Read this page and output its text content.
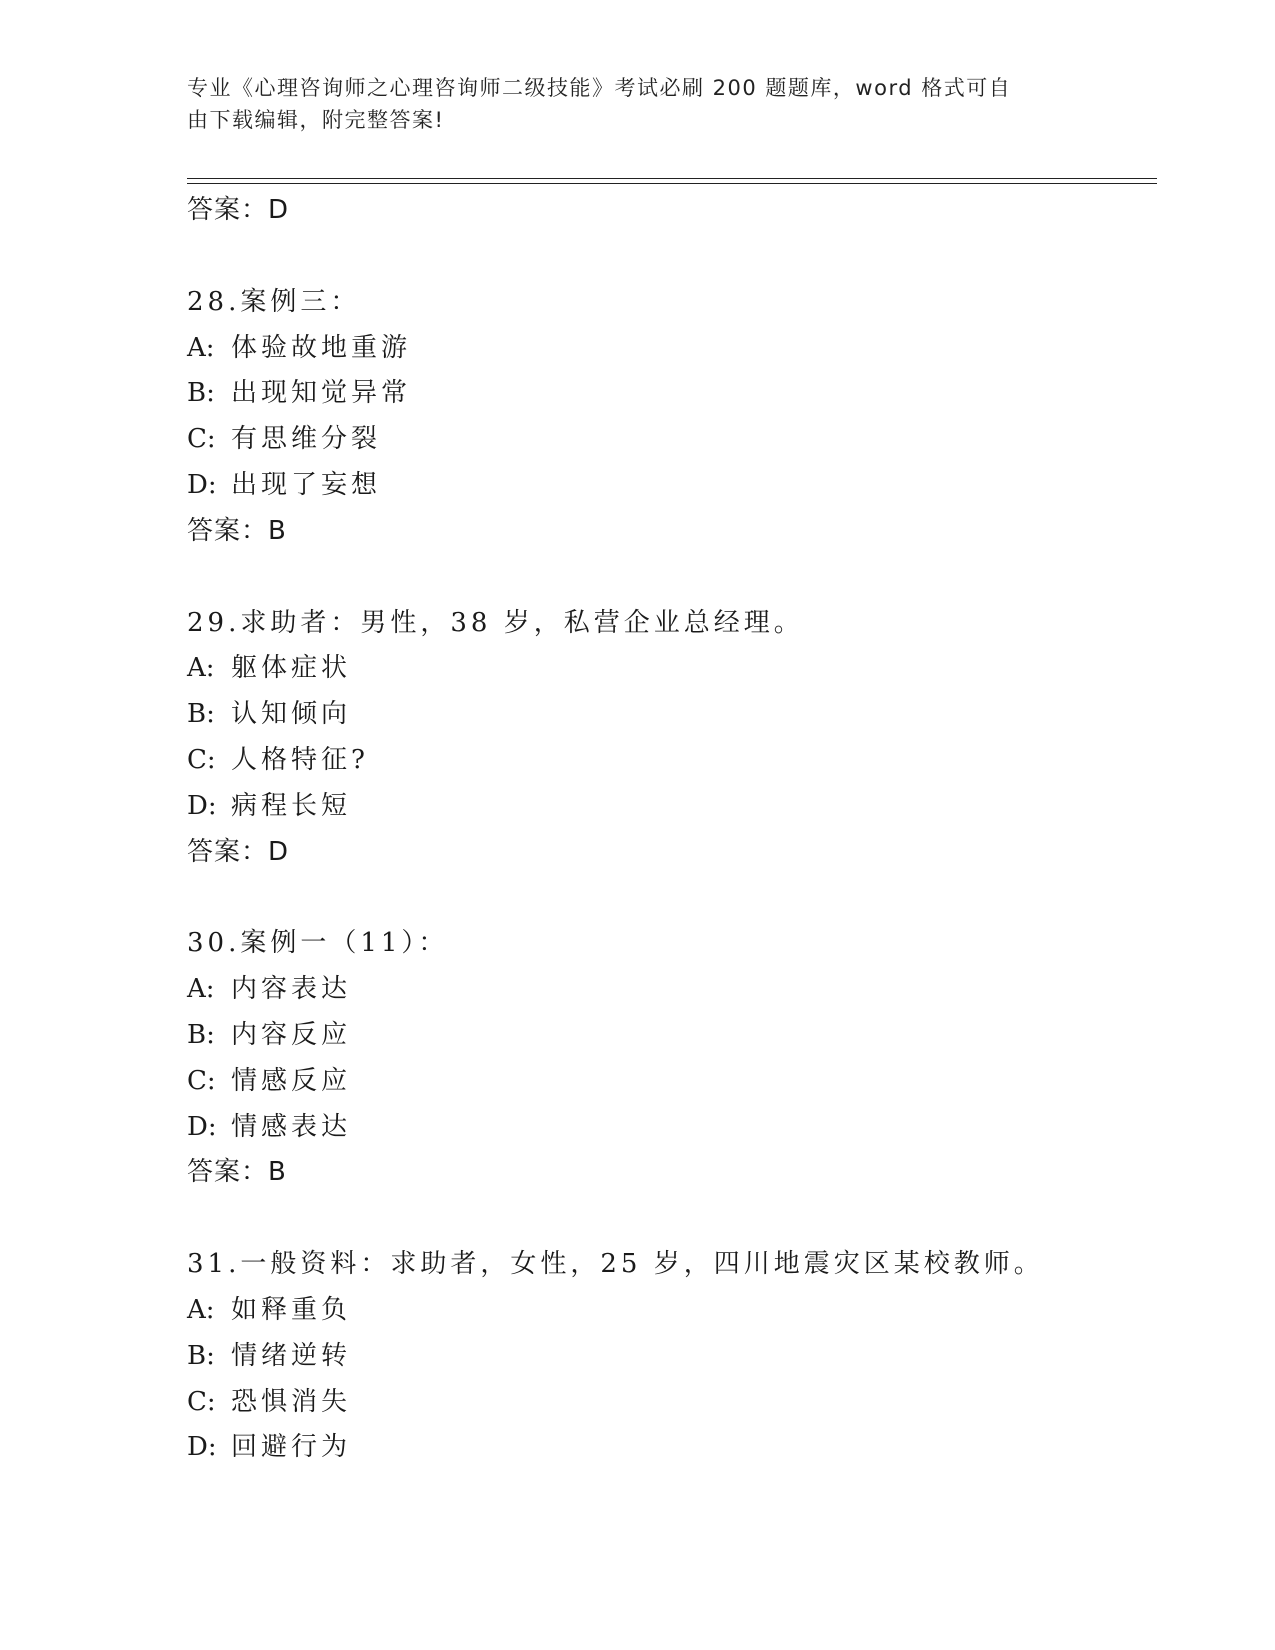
专业《心理咨询师之心理咨询师二级技能》考试必刷 200 题题库，word 格式可自
由下载编辑，附完整答案!
答案：D
28.案例三：
A: 体验故地重游
B: 出现知觉异常
C: 有思维分裂
D: 出现了妄想
答案：B
29.求助者：男性，38 岁，私营企业总经理。
A: 躯体症状
B: 认知倾向
C: 人格特征?
D: 病程长短
答案：D
30.案例一（11）：
A: 内容表达
B: 内容反应
C: 情感反应
D: 情感表达
答案：B
31.一般资料：求助者，女性，25 岁，四川地震灾区某校教师。
A: 如释重负
B: 情绪逆转
C: 恐惧消失
D: 回避行为
